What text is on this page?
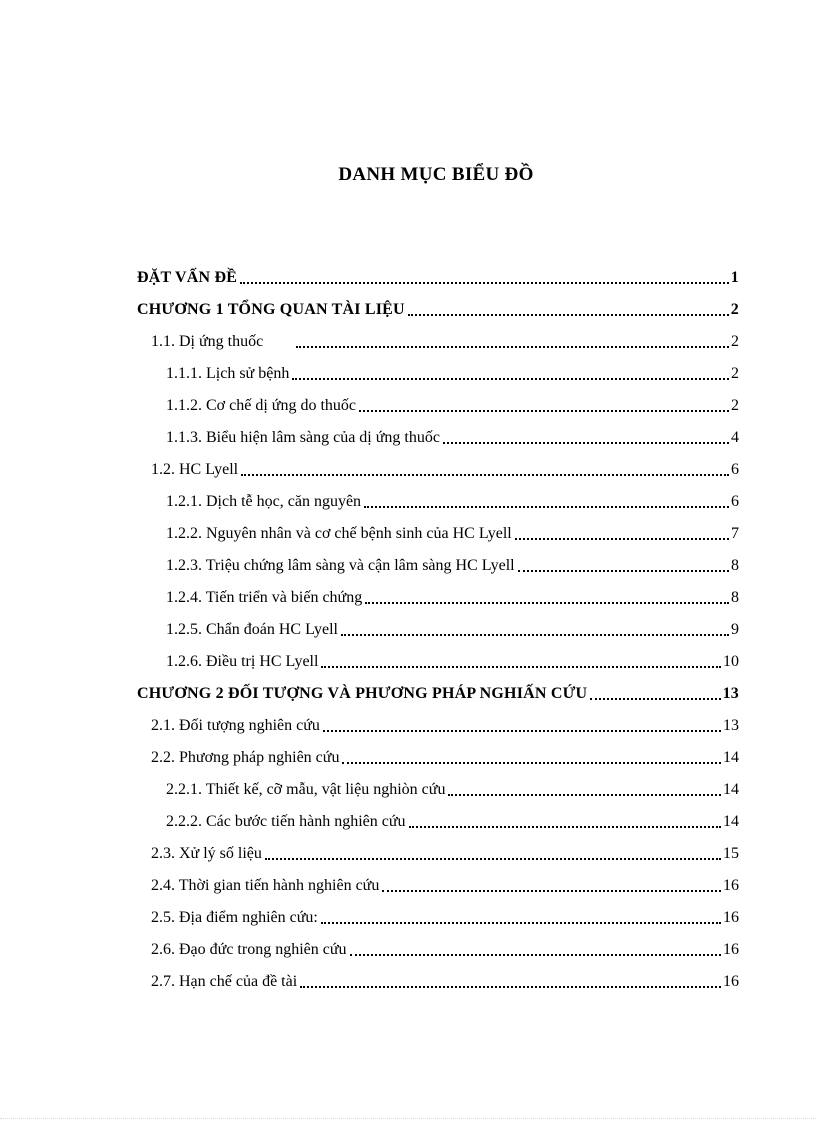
DANH MỤC BIỂU ĐỒ
ĐẶT VẤN ĐỀ	1
CHƯƠNG 1 TỔNG QUAN TÀI LIỆU	2
1.1. Dị ứng thuốc	2
1.1.1. Lịch sử bệnh	2
1.1.2. Cơ chế dị ứng do thuốc	2
1.1.3. Biểu hiện lâm sàng của dị ứng thuốc	4
1.2. HC Lyell	6
1.2.1. Dịch tễ học, căn nguyên	6
1.2.2. Nguyên nhân và cơ chế bệnh sinh của HC Lyell	7
1.2.3. Triệu chứng lâm sàng và cận lâm sàng HC Lyell	8
1.2.4. Tiến triển và biến chứng	8
1.2.5. Chẩn đoán HC Lyell	9
1.2.6. Điều trị HC Lyell	10
CHƯƠNG 2 ĐỐI TƯỢNG VÀ PHƯƠNG PHÁP NGHIẤN CỨU	13
2.1. Đối tượng nghiên cứu	13
2.2. Phương pháp nghiên cứu	14
2.2.1. Thiết kế, cỡ mẫu, vật liệu nghiòn cứu	14
2.2.2. Các bước tiến hành nghiên cứu	14
2.3. Xử lý số liệu	15
2.4. Thời gian tiến hành nghiên cứu	16
2.5. Địa điểm nghiên cứu:	16
2.6. Đạo đức trong nghiên cứu	16
2.7. Hạn chế của đề tài	16
